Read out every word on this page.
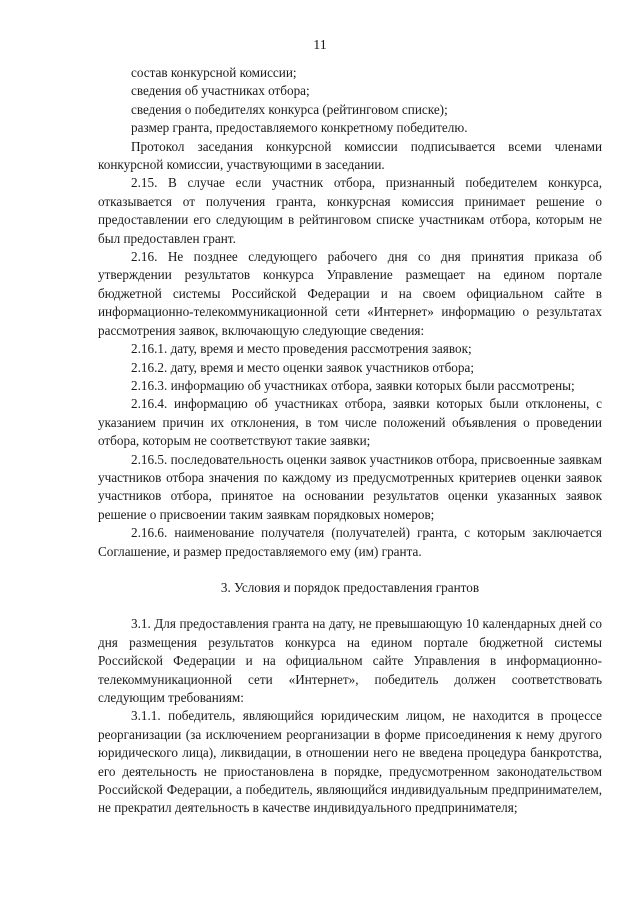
11

состав конкурсной комиссии;

сведения об участниках отбора;

сведения о победителях конкурса (рейтинговом списке);

размер гранта, предоставляемого конкретному победителю.

Протокол заседания конкурсной комиссии подписывается всеми членами конкурсной комиссии, участвующими в заседании.

2.15. В случае если участник отбора, признанный победителем конкурса, отказывается от получения гранта, конкурсная комиссия принимает решение о предоставлении его следующим в рейтинговом списке участникам отбора, которым не был предоставлен грант.

2.16. Не позднее следующего рабочего дня со дня принятия приказа об утверждении результатов конкурса Управление размещает на едином портале бюджетной системы Российской Федерации и на своем официальном сайте в информационно-телекоммуникационной сети «Интернет» информацию о результатах рассмотрения заявок, включающую следующие сведения:

2.16.1. дату, время и место проведения рассмотрения заявок;

2.16.2. дату, время и место оценки заявок участников отбора;

2.16.3. информацию об участниках отбора, заявки которых были рассмотрены;

2.16.4. информацию об участниках отбора, заявки которых были отклонены, с указанием причин их отклонения, в том числе положений объявления о проведении отбора, которым не соответствуют такие заявки;

2.16.5. последовательность оценки заявок участников отбора, присвоенные заявкам участников отбора значения по каждому из предусмотренных критериев оценки заявок участников отбора, принятое на основании результатов оценки указанных заявок решение о присвоении таким заявкам порядковых номеров;

2.16.6. наименование получателя (получателей) гранта, с которым заключается Соглашение, и размер предоставляемого ему (им) гранта.

3. Условия и порядок предоставления грантов

3.1. Для предоставления гранта на дату, не превышающую 10 календарных дней со дня размещения результатов конкурса на едином портале бюджетной системы Российской Федерации и на официальном сайте Управления в информационно-телекоммуникационной сети «Интернет», победитель должен соответствовать следующим требованиям:

3.1.1. победитель, являющийся юридическим лицом, не находится в процессе реорганизации (за исключением реорганизации в форме присоединения к нему другого юридического лица), ликвидации, в отношении него не введена процедура банкротства, его деятельность не приостановлена в порядке, предусмотренном законодательством Российской Федерации, а победитель, являющийся индивидуальным предпринимателем, не прекратил деятельность в качестве индивидуального предпринимателя;
